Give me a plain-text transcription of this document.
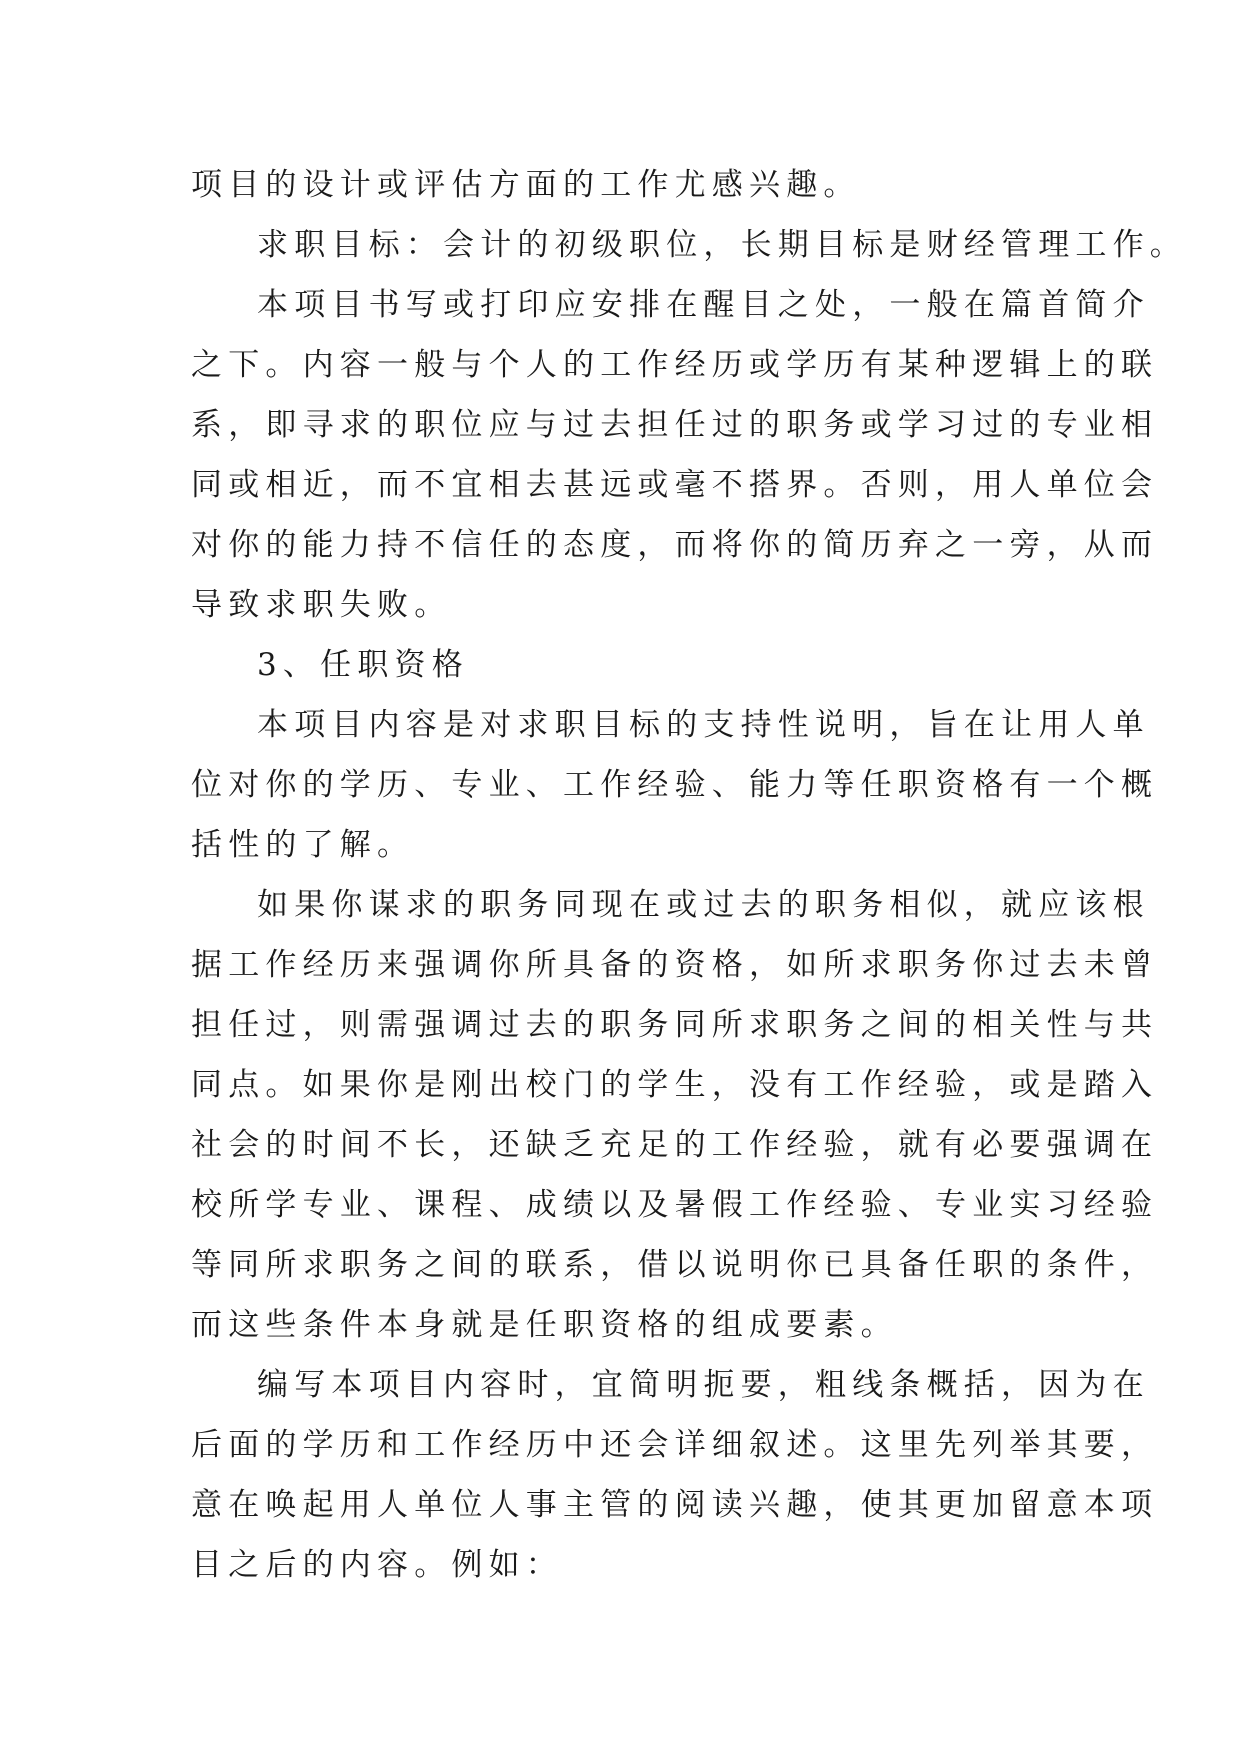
项目的设计或评估方面的工作尤感兴趣。
求职目标：会计的初级职位，长期目标是财经管理工作。
本项目书写或打印应安排在醒目之处，一般在篇首简介
之下。内容一般与个人的工作经历或学历有某种逻辑上的联
系，即寻求的职位应与过去担任过的职务或学习过的专业相
同或相近，而不宜相去甚远或毫不搭界。否则，用人单位会
对你的能力持不信任的态度，而将你的简历弃之一旁，从而
导致求职失败。
3、任职资格
本项目内容是对求职目标的支持性说明，旨在让用人单
位对你的学历、专业、工作经验、能力等任职资格有一个概
括性的了解。
如果你谋求的职务同现在或过去的职务相似，就应该根
据工作经历来强调你所具备的资格，如所求职务你过去未曾
担任过，则需强调过去的职务同所求职务之间的相关性与共
同点。如果你是刚出校门的学生，没有工作经验，或是踏入
社会的时间不长，还缺乏充足的工作经验，就有必要强调在
校所学专业、课程、成绩以及暑假工作经验、专业实习经验
等同所求职务之间的联系，借以说明你已具备任职的条件，
而这些条件本身就是任职资格的组成要素。
编写本项目内容时，宜简明扼要，粗线条概括，因为在
后面的学历和工作经历中还会详细叙述。这里先列举其要，
意在唤起用人单位人事主管的阅读兴趣，使其更加留意本项
目之后的内容。例如：
